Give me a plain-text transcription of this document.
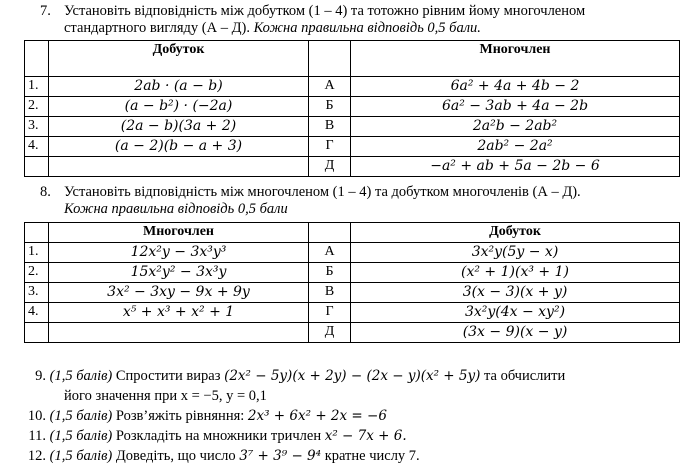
7. Установіть відповідність між добутком (1 – 4) та тотожно рівним йому многочленом
стандартного вигляду (А – Д). Кожна правильна відповідь 0,5 бали.
	Добуток		Многочлен
1.	2ab · (a − b)	А	6a² + 4a + 4b − 2
2.	(a − b²) · (−2a)	Б	6a² − 3ab + 4a − 2b
3.	(2a − b)(3a + 2)	В	2a²b − 2ab²
4.	(a − 2)(b − a + 3)	Г	2ab² − 2a²
		Д	−a² + ab + 5a − 2b − 6
8. Установіть відповідність між многочленом (1 – 4) та добутком многочленів (А – Д).
Кожна правильна відповідь 0,5 бали
	Многочлен		Добуток
1.	12x²y − 3x³y³	А	3x²y(5y − x)
2.	15x²y² − 3x³y	Б	(x² + 1)(x³ + 1)
3.	3x² − 3xy − 9x + 9y	В	3(x − 3)(x + y)
4.	x⁵ + x³ + x² + 1	Г	3x²y(4x − xy²)
		Д	(3x − 9)(x − y)
9. (1,5 балів) Спростити вираз (2x² − 5y)(x + 2y) − (2x − y)(x² + 5y) та обчислити
його значення при x = −5, y = 0,1
10. (1,5 балів) Розв’яжіть рівняння: 2x³ + 6x² + 2x = −6
11. (1,5 балів) Розкладіть на множники тричлен x² − 7x + 6.
12. (1,5 балів) Доведіть, що число 3⁷ + 3⁹ − 9⁴ кратне числу 7.
